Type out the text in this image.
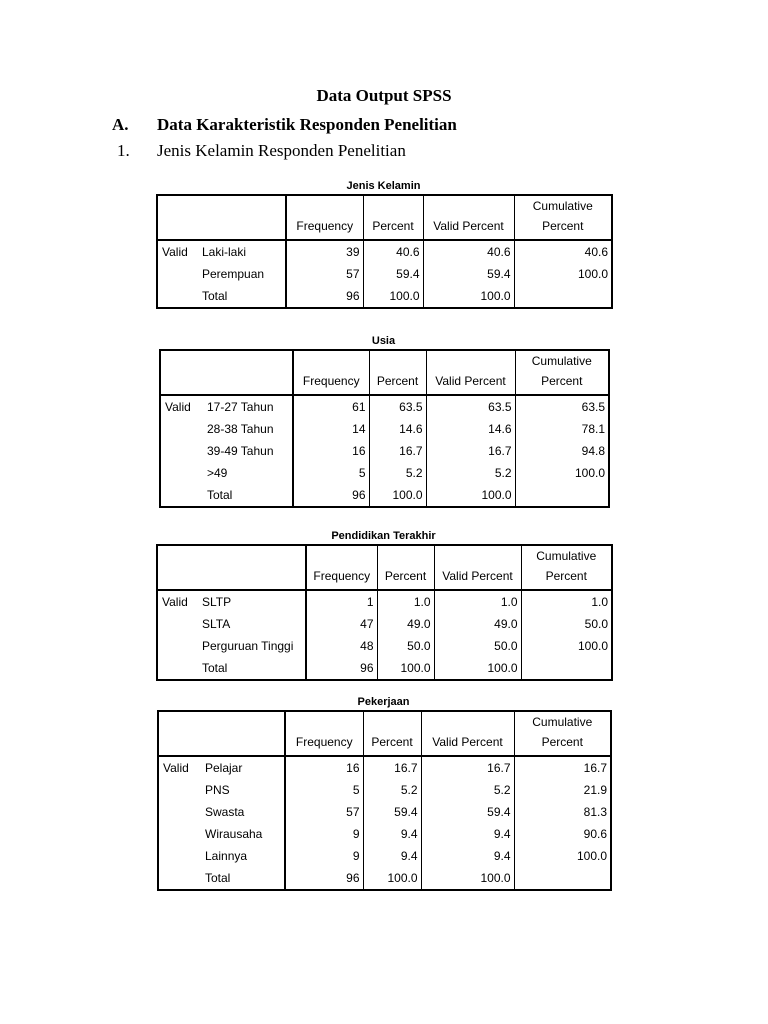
Data Output SPSS
A. Data Karakteristik Responden Penelitian
1. Jenis Kelamin Responden Penelitian
Jenis Kelamin
		Frequency	Percent	Valid Percent	Cumulative
Percent
Valid	Laki-laki	39	40.6	40.6	40.6
	Perempuan	57	59.4	59.4	100.0
	Total	96	100.0	100.0	
Usia
		Frequency	Percent	Valid Percent	Cumulative
Percent
Valid	17-27 Tahun	61	63.5	63.5	63.5
	28-38 Tahun	14	14.6	14.6	78.1
	39-49 Tahun	16	16.7	16.7	94.8
	>49	5	5.2	5.2	100.0
	Total	96	100.0	100.0	
Pendidikan Terakhir
		Frequency	Percent	Valid Percent	Cumulative
Percent
Valid	SLTP	1	1.0	1.0	1.0
	SLTA	47	49.0	49.0	50.0
	Perguruan Tinggi	48	50.0	50.0	100.0
	Total	96	100.0	100.0	
Pekerjaan
		Frequency	Percent	Valid Percent	Cumulative
Percent
Valid	Pelajar	16	16.7	16.7	16.7
	PNS	5	5.2	5.2	21.9
	Swasta	57	59.4	59.4	81.3
	Wirausaha	9	9.4	9.4	90.6
	Lainnya	9	9.4	9.4	100.0
	Total	96	100.0	100.0	
